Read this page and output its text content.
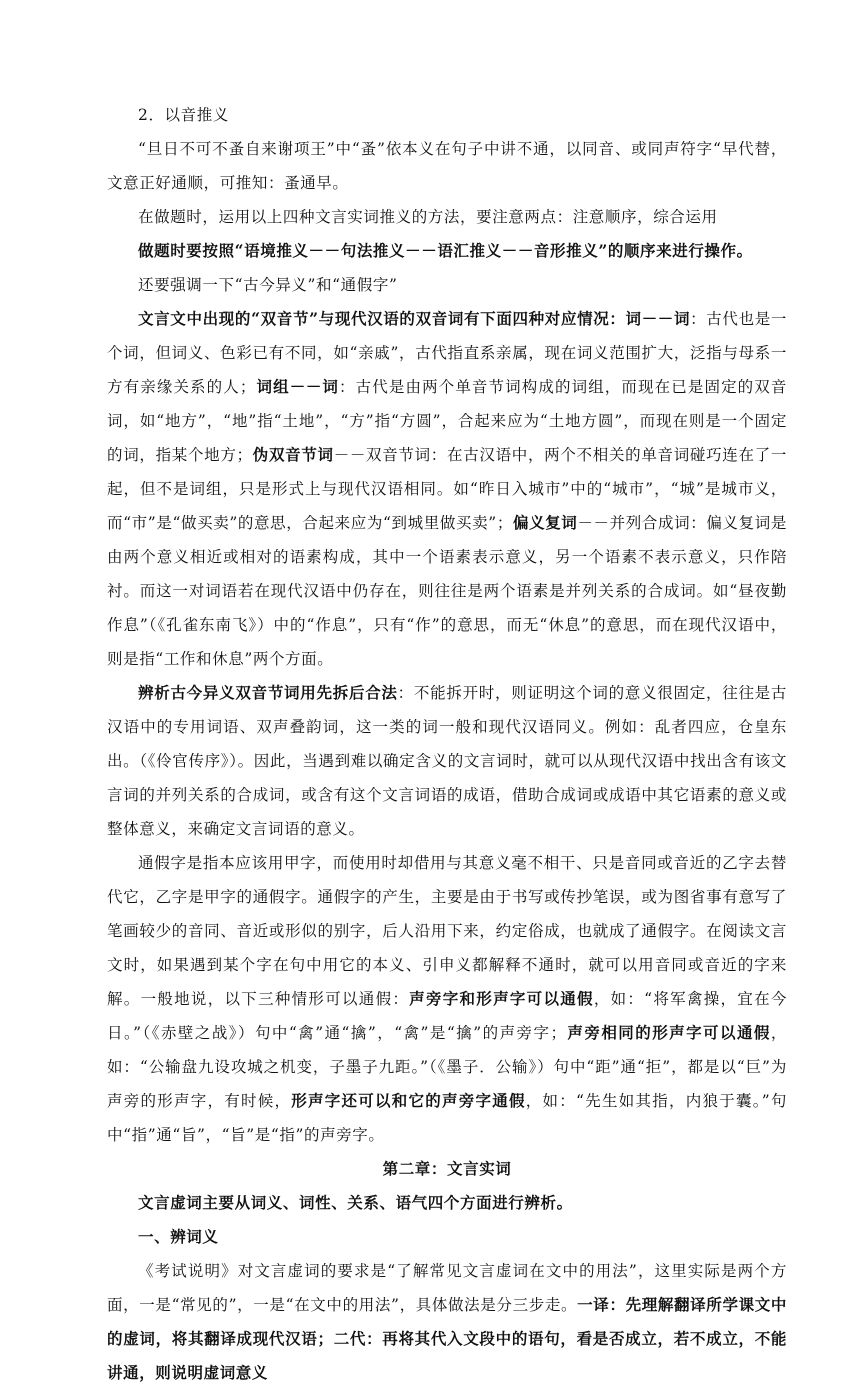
2．以音推义

“旦日不可不蚤自来谢项王”中“蚤”依本义在句子中讲不通，以同音、或同声符字“早代替，文意正好通顺，可推知：蚤通早。

在做题时，运用以上四种文言实词推义的方法，要注意两点：注意顺序，综合运用

做题时要按照“语境推义－－句法推义－－语汇推义－－音形推义”的顺序来进行操作。

还要强调一下“古今异义”和“通假字”

文言文中出现的“双音节”与现代汉语的双音词有下面四种对应情况：词－－词：古代也是一个词，但词义、色彩已有不同，如“亲戚”，古代指直系亲属，现在词义范围扩大，泛指与母系一方有亲缘关系的人；词组－－词：古代是由两个单音节词构成的词组，而现在已是固定的双音词，如“地方”，“地”指“土地”，“方”指“方圆”，合起来应为“土地方圆”，而现在则是一个固定的词，指某个地方；伪双音节词－－双音节词：在古汉语中，两个不相关的单音词碰巧连在了一起，但不是词组，只是形式上与现代汉语相同。如“昨日入城市”中的“城市”，“城”是城市义，而“市”是“做买卖”的意思，合起来应为“到城里做买卖”；偏义复词－－并列合成词：偏义复词是由两个意义相近或相对的语素构成，其中一个语素表示意义，另一个语素不表示意义，只作陪衬。而这一对词语若在现代汉语中仍存在，则往往是两个语素是并列关系的合成词。如“昼夜勤作息”（《孔雀东南飞》）中的“作息”，只有“作”的意思，而无“休息”的意思，而在现代汉语中，则是指“工作和休息”两个方面。

辨析古今异义双音节词用先拆后合法：不能拆开时，则证明这个词的意义很固定，往往是古汉语中的专用词语、双声叠韵词，这一类的词一般和现代汉语同义。例如：乱者四应，仓皇东出。（《伶官传序》）。因此，当遇到难以确定含义的文言词时，就可以从现代汉语中找出含有该文言词的并列关系的合成词，或含有这个文言词语的成语，借助合成词或成语中其它语素的意义或整体意义，来确定文言词语的意义。

通假字是指本应该用甲字，而使用时却借用与其意义毫不相干、只是音同或音近的乙字去替代它，乙字是甲字的通假字。通假字的产生，主要是由于书写或传抄笔误，或为图省事有意写了笔画较少的音同、音近或形似的别字，后人沿用下来，约定俗成，也就成了通假字。在阅读文言文时，如果遇到某个字在句中用它的本义、引申义都解释不通时，就可以用音同或音近的字来解。一般地说，以下三种情形可以通假：声旁字和形声字可以通假，如：“将军禽操，宜在今日。”（《赤壁之战》）句中“禽”通“擒”，“禽”是“擒”的声旁字；声旁相同的形声字可以通假，如：“公输盘九设攻城之机变，子墨子九距。”（《墨子．公输》）句中“距”通“拒”，都是以“巨”为声旁的形声字，有时候，形声字还可以和它的声旁字通假，如：“先生如其指，内狼于囊。”句中“指”通“旨”，“旨”是“指”的声旁字。

第二章：文言实词

文言虚词主要从词义、词性、关系、语气四个方面进行辨析。

一、辨词义

《考试说明》对文言虚词的要求是“了解常见文言虚词在文中的用法”，这里实际是两个方面，一是“常见的”，一是“在文中的用法”，具体做法是分三步走。一译：先理解翻译所学课文中的虚词，将其翻译成现代汉语；二代：再将其代入文段中的语句，看是否成立，若不成立，不能讲通，则说明虚词意义
